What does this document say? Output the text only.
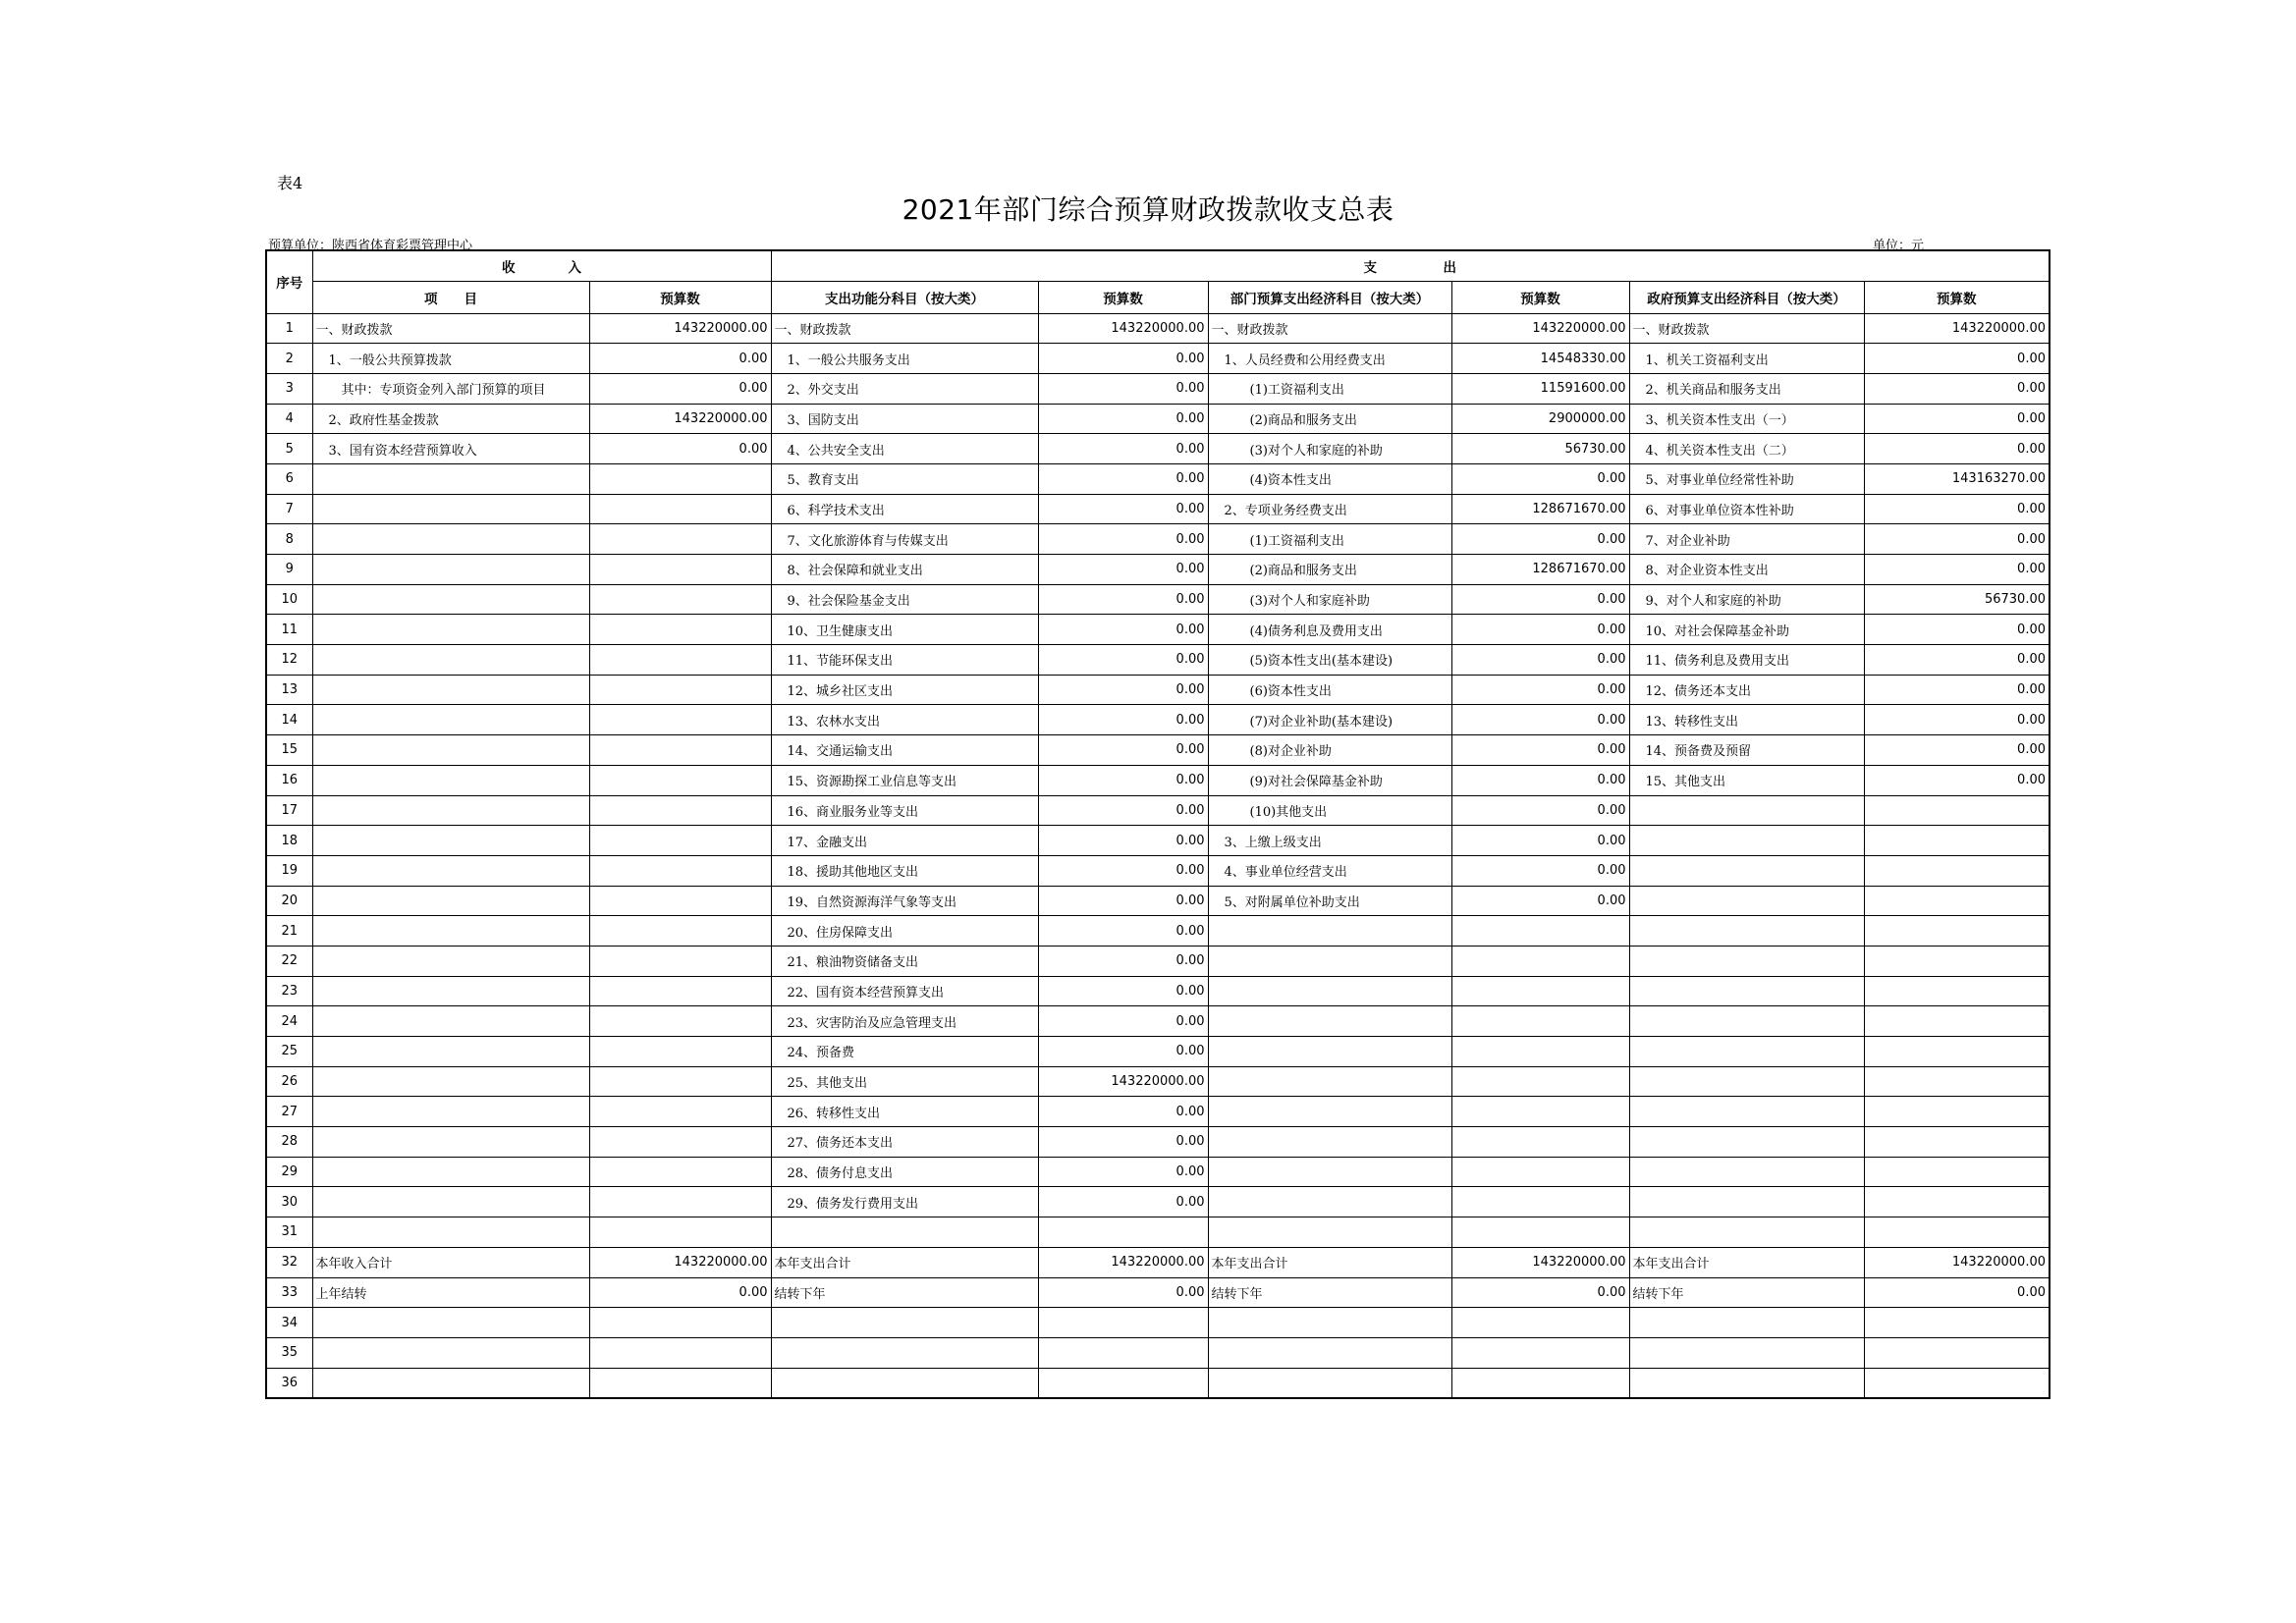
表4
2021年部门综合预算财政拨款收支总表
预算单位：陕西省体育彩票管理中心	单位：元
序号	收　　　　入		支　　　　　出					
	项　　目	预算数	支出功能分科目（按大类）	预算数	部门预算支出经济科目（按大类）	预算数	政府预算支出经济科目（按大类）	预算数
1	一、财政拨款	143220000.00	一、财政拨款	143220000.00	一、财政拨款	143220000.00	一、财政拨款	143220000.00
2	　1、一般公共预算拨款	0.00	　1、一般公共服务支出	0.00	　1、人员经费和公用经费支出	14548330.00	　1、机关工资福利支出	0.00
3	　　其中：专项资金列入部门预算的项目	0.00	　2、外交支出	0.00	　　　(1)工资福利支出	11591600.00	　2、机关商品和服务支出	0.00
4	　2、政府性基金拨款	143220000.00	　3、国防支出	0.00	　　　(2)商品和服务支出	2900000.00	　3、机关资本性支出（一）	0.00
5	　3、国有资本经营预算收入	0.00	　4、公共安全支出	0.00	　　　(3)对个人和家庭的补助	56730.00	　4、机关资本性支出（二）	0.00
6			　5、教育支出	0.00	　　　(4)资本性支出	0.00	　5、对事业单位经常性补助	143163270.00
7			　6、科学技术支出	0.00	　2、专项业务经费支出	128671670.00	　6、对事业单位资本性补助	0.00
8			　7、文化旅游体育与传媒支出	0.00	　　　(1)工资福利支出	0.00	　7、对企业补助	0.00
9			　8、社会保障和就业支出	0.00	　　　(2)商品和服务支出	128671670.00	　8、对企业资本性支出	0.00
10			　9、社会保险基金支出	0.00	　　　(3)对个人和家庭补助	0.00	　9、对个人和家庭的补助	56730.00
11			　10、卫生健康支出	0.00	　　　(4)债务利息及费用支出	0.00	　10、对社会保障基金补助	0.00
12			　11、节能环保支出	0.00	　　　(5)资本性支出(基本建设)	0.00	　11、债务利息及费用支出	0.00
13			　12、城乡社区支出	0.00	　　　(6)资本性支出	0.00	　12、债务还本支出	0.00
14			　13、农林水支出	0.00	　　　(7)对企业补助(基本建设)	0.00	　13、转移性支出	0.00
15			　14、交通运输支出	0.00	　　　(8)对企业补助	0.00	　14、预备费及预留	0.00
16			　15、资源勘探工业信息等支出	0.00	　　　(9)对社会保障基金补助	0.00	　15、其他支出	0.00
17			　16、商业服务业等支出	0.00	　　　(10)其他支出	0.00		
18			　17、金融支出	0.00	　3、上缴上级支出	0.00		
19			　18、援助其他地区支出	0.00	　4、事业单位经营支出	0.00		
20			　19、自然资源海洋气象等支出	0.00	　5、对附属单位补助支出	0.00		
21			　20、住房保障支出	0.00				
22			　21、粮油物资储备支出	0.00				
23			　22、国有资本经营预算支出	0.00				
24			　23、灾害防治及应急管理支出	0.00				
25			　24、预备费	0.00				
26			　25、其他支出	143220000.00				
27			　26、转移性支出	0.00				
28			　27、债务还本支出	0.00				
29			　28、债务付息支出	0.00				
30			　29、债务发行费用支出	0.00				
31								
32	本年收入合计	143220000.00	本年支出合计	143220000.00	本年支出合计	143220000.00	本年支出合计	143220000.00
33	上年结转	0.00	结转下年	0.00	结转下年	0.00	结转下年	0.00
34								
35								
36								
